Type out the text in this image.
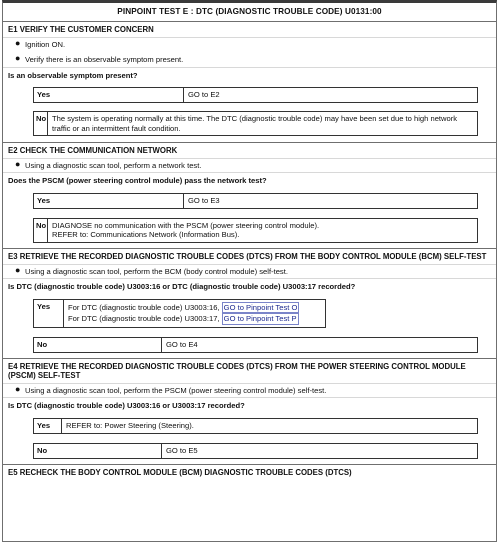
PINPOINT TEST E : DTC (DIAGNOSTIC TROUBLE CODE) U0131:00
E1 VERIFY THE CUSTOMER CONCERN
● Ignition ON.
● Verify there is an observable symptom present.
Is an observable symptom present?
Yes	GO to E2
No The system is operating normally at this time. The DTC (diagnostic trouble code) may have been set due to high network traffic or an intermittent fault condition.
E2 CHECK THE COMMUNICATION NETWORK
● Using a diagnostic scan tool, perform a network test.
Does the PSCM (power steering control module) pass the network test?
Yes	GO to E3
No DIAGNOSE no communication with the PSCM (power steering control module).
REFER to: Communications Network (Information Bus).
E3 RETRIEVE THE RECORDED DIAGNOSTIC TROUBLE CODES (DTCS) FROM THE BODY CONTROL MODULE (BCM) SELF-TEST
● Using a diagnostic scan tool, perform the BCM (body control module) self-test.
Is DTC (diagnostic trouble code) U3003:16 or DTC (diagnostic trouble code) U3003:17 recorded?
Yes	For DTC (diagnostic trouble code) U3003:16, GO to Pinpoint Test O
For DTC (diagnostic trouble code) U3003:17, GO to Pinpoint Test P
No	GO to E4
E4 RETRIEVE THE RECORDED DIAGNOSTIC TROUBLE CODES (DTCS) FROM THE POWER STEERING CONTROL MODULE (PSCM) SELF-TEST
● Using a diagnostic scan tool, perform the PSCM (power steering control module) self-test.
Is DTC (diagnostic trouble code) U3003:16 or U3003:17 recorded?
Yes	REFER to: Power Steering (Steering).
No	GO to E5
E5 RECHECK THE BODY CONTROL MODULE (BCM) DIAGNOSTIC TROUBLE CODES (DTCS)
